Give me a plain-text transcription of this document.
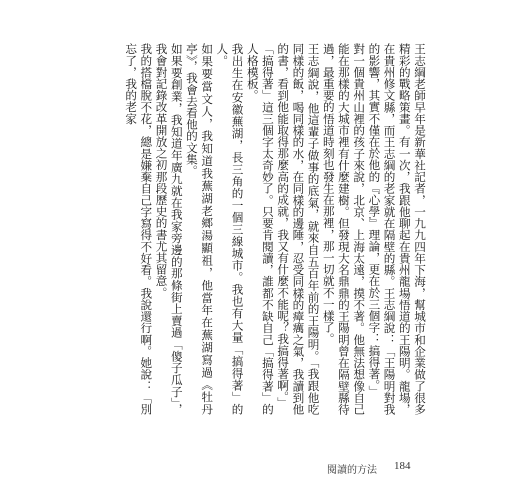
王志綱老師早年是新華社記者，一九九四年下海，幫城市和企業做了很多精彩的戰略策畫。有一次，我跟他聊起在貴州龍場悟道的王陽明。龍場，在貴州修文縣，而王志綱的老家就在隔壁的縣。王志綱說：「王陽明對我的影響，其實不僅在於他的『心學』理論，更在於三個字：搞得著。」

對一個貴州山裡的孩子來說，北京、上海太遠，摸不著。他無法想像自己能在那樣的大城市裡有什麼建樹。但發現大名鼎鼎的王陽明曾在隔壁縣待過，最重要的悟道時刻也發生在那裡，那一切就不一樣了。

王志綱說，他這輩子做事的底氣，就來自五百年前的王陽明。「我跟他吃同樣的飯，喝同樣的水，在同樣的邊陲，忍受同樣的瘴癘之氣，我讀到他的書，看到他能取得那麼高的成就，我又有什麼不能呢？我搞得著啊。」

「搞得著」這三個字太奇妙了。只要肯閱讀，誰都不缺自己「搞得著」的人格模板。

我出生在安徽蕪湖，長三角的一個三線城市。我也有大量「搞得著」的人。

如果要當文人，我知道我蕪湖老鄉湯顯祖，他當年在蕪湖寫過《牡丹亭》，我會去看他的文集。

如果要創業，我知道年廣九就在我家旁邊的那條街上賣過「傻子瓜子」，我會對記錄改革開放之初那段歷史的書尤其留意。

我的搭檔脫不花，總是嫌棄自己字寫得不好看。我說還行啊。她說：「別忘了，我的老家

閱讀的方法 184
